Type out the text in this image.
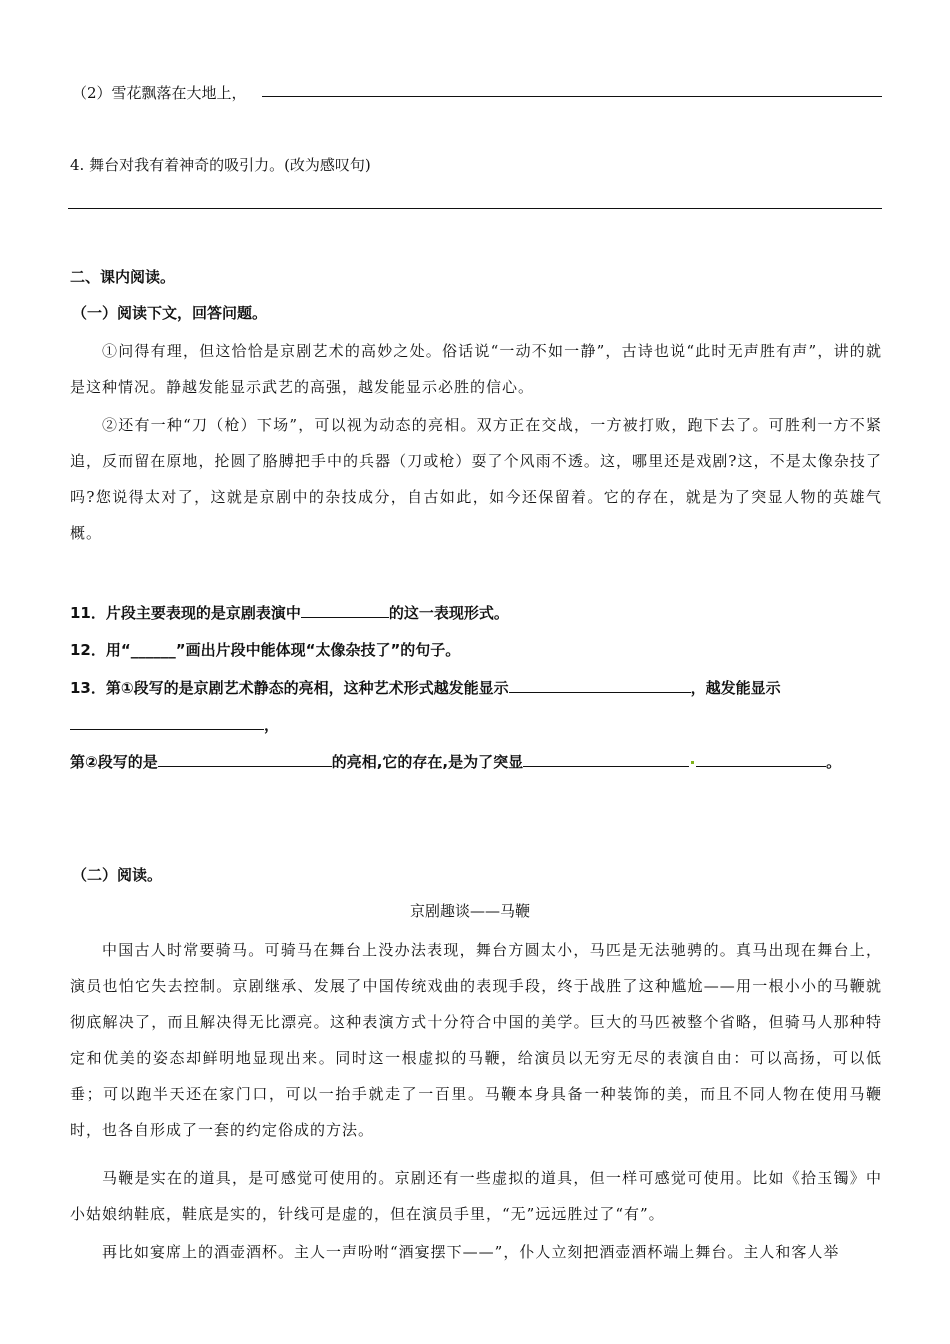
（2）雪花飘落在大地上，
4. 舞台对我有着神奇的吸引力。(改为感叹句)
二、课内阅读。
（一）阅读下文，回答问题。
①问得有理，但这恰恰是京剧艺术的高妙之处。俗话说“一动不如一静”，古诗也说“此时无声胜有声”，讲的就是这种情况。静越发能显示武艺的高强，越发能显示必胜的信心。
②还有一种“刀（枪）下场”，可以视为动态的亮相。双方正在交战，一方被打败，跑下去了。可胜利一方不紧追，反而留在原地，抡圆了胳膊把手中的兵器（刀或枪）耍了个风雨不透。这，哪里还是戏剧?这，不是太像杂技了吗?您说得太对了，这就是京剧中的杂技成分，自古如此，如今还保留着。它的存在，就是为了突显人物的英雄气概。
11．片段主要表现的是京剧表演中	的这一表现形式。
12．用“______”画出片段中能体现“太像杂技了”的句子。
13．第①段写的是京剧艺术静态的亮相，这种艺术形式越发能显示	，越发能显示
，
第②段写的是	的亮相,它的存在,是为了突显	。
（二）阅读。
京剧趣谈——马鞭
中国古人时常要骑马。可骑马在舞台上没办法表现，舞台方圆太小，马匹是无法驰骋的。真马出现在舞台上，演员也怕它失去控制。京剧继承、发展了中国传统戏曲的表现手段，终于战胜了这种尴尬——用一根小小的马鞭就彻底解决了，而且解决得无比漂亮。这种表演方式十分符合中国的美学。巨大的马匹被整个省略，但骑马人那种特定和优美的姿态却鲜明地显现出来。同时这一根虚拟的马鞭，给演员以无穷无尽的表演自由：可以高扬，可以低垂；可以跑半天还在家门口，可以一抬手就走了一百里。马鞭本身具备一种装饰的美，而且不同人物在使用马鞭时，也各自形成了一套的约定俗成的方法。
马鞭是实在的道具，是可感觉可使用的。京剧还有一些虚拟的道具，但一样可感觉可使用。比如《拾玉镯》中小姑娘纳鞋底，鞋底是实的，针线可是虚的，但在演员手里，“无”远远胜过了“有”。
再比如宴席上的酒壶酒杯。主人一声吩咐“酒宴摆下——”，仆人立刻把酒壶酒杯端上舞台。主人和客人举
